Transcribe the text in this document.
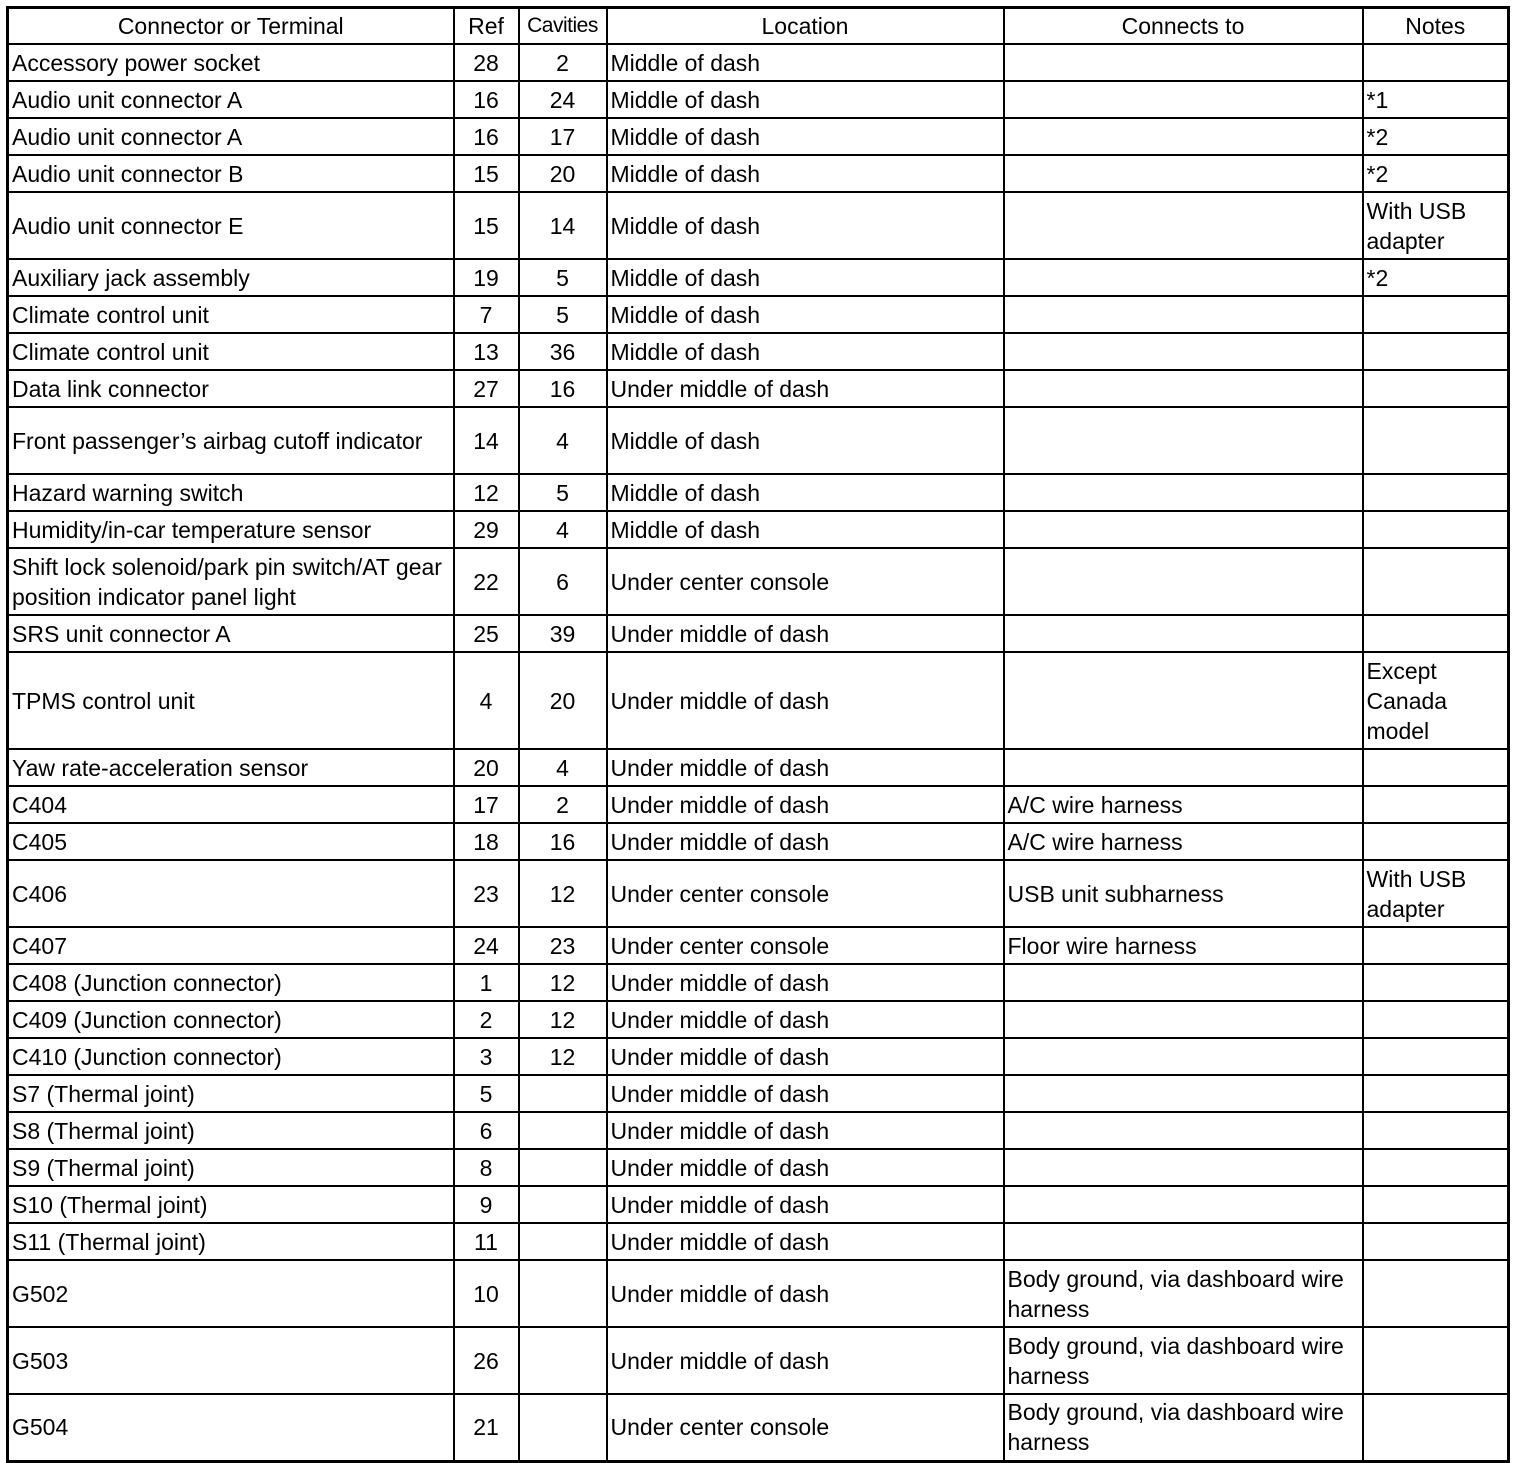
Connector or Terminal	Ref	Cavities	Location	Connects to	Notes
Accessory power socket	28	2	Middle of dash		
Audio unit connector A	16	24	Middle of dash		*1
Audio unit connector A	16	17	Middle of dash		*2
Audio unit connector B	15	20	Middle of dash		*2
Audio unit connector E	15	14	Middle of dash		With USB adapter
Auxiliary jack assembly	19	5	Middle of dash		*2
Climate control unit	7	5	Middle of dash		
Climate control unit	13	36	Middle of dash		
Data link connector	27	16	Under middle of dash		
Front passenger’s airbag cutoff indicator	14	4	Middle of dash		
Hazard warning switch	12	5	Middle of dash		
Humidity/in-car temperature sensor	29	4	Middle of dash		
Shift lock solenoid/park pin switch/AT gear position indicator panel light	22	6	Under center console		
SRS unit connector A	25	39	Under middle of dash		
TPMS control unit	4	20	Under middle of dash		Except Canada model
Yaw rate-acceleration sensor	20	4	Under middle of dash		
C404	17	2	Under middle of dash	A/C wire harness	
C405	18	16	Under middle of dash	A/C wire harness	
C406	23	12	Under center console	USB unit subharness	With USB adapter
C407	24	23	Under center console	Floor wire harness	
C408 (Junction connector)	1	12	Under middle of dash		
C409 (Junction connector)	2	12	Under middle of dash		
C410 (Junction connector)	3	12	Under middle of dash		
S7 (Thermal joint)	5		Under middle of dash		
S8 (Thermal joint)	6		Under middle of dash		
S9 (Thermal joint)	8		Under middle of dash		
S10 (Thermal joint)	9		Under middle of dash		
S11 (Thermal joint)	11		Under middle of dash		
G502	10		Under middle of dash	Body ground, via dashboard wire harness	
G503	26		Under middle of dash	Body ground, via dashboard wire harness	
G504	21		Under center console	Body ground, via dashboard wire harness	
